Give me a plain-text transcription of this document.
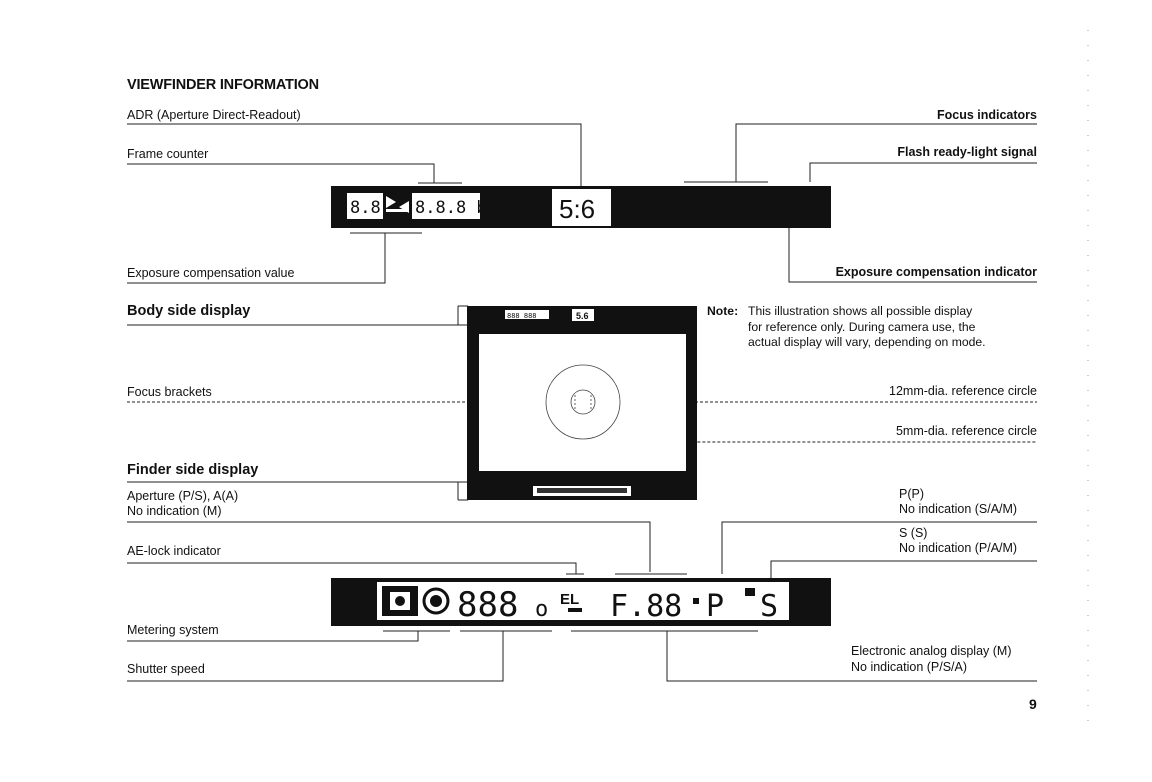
VIEWFINDER INFORMATION
ADR (Aperture Direct-Readout)
Frame counter
Exposure compensation value
Focus indicators
Flash ready-light signal
Exposure compensation indicator
Body side display
Focus brackets
Finder side display
Aperture (P/S), A(A)
No indication (M)
AE-lock indicator
Metering system
Shutter speed
Note: This illustration shows all possible display
for reference only. During camera use, the
actual display will vary, depending on mode.
12mm-dia. reference circle
5mm-dia. reference circle
P(P)
No indication (S/A/M)
S (S)
No indication (P/A/M)
Electronic analog display (M)
No indication (P/S/A)
9
8.8 8.8.8 b	5:6
888 888	5.6
888 o EL F.88 P S
